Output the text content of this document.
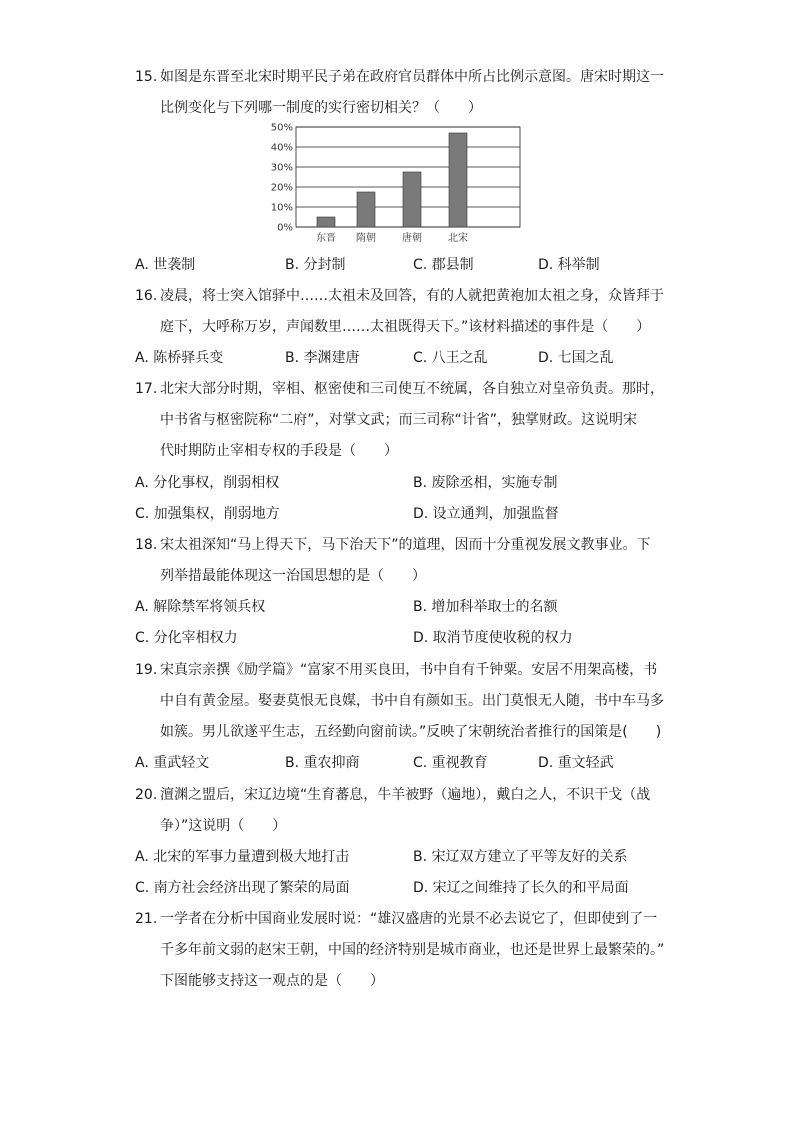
15. 如图是东晋至北宋时期平民子弟在政府官员群体中所占比例示意图。唐宋时期这一
比例变化与下列哪一制度的实行密切相关？（　　）
0%
10%
20%
30%
40%
50%
东晋 隋朝	唐朝	北宋
A. 世袭制	B. 分封制	C. 郡县制	D. 科举制
16. 凌晨，将士突入馆驿中……太祖未及回答，有的人就把黄袍加太祖之身，众皆拜于
庭下，大呼称万岁，声闻数里……太祖既得天下。”该材料描述的事件是（　　）
A. 陈桥驿兵变	B. 李渊建唐	C. 八王之乱	D. 七国之乱
17. 北宋大部分时期，宰相、枢密使和三司使互不统属，各自独立对皇帝负责。那时，
中书省与枢密院称“二府”，对掌文武；而三司称“计省”，独掌财政。这说明宋
代时期防止宰相专权的手段是（　　）
A. 分化事权，削弱相权	B. 废除丞相，实施专制
C. 加强集权，削弱地方	D. 设立通判，加强监督
18. 宋太祖深知“马上得天下，马下治天下”的道理，因而十分重视发展文教事业。下
列举措最能体现这一治国思想的是（　　）
A. 解除禁军将领兵权	B. 增加科举取士的名额
C. 分化宰相权力	D. 取消节度使收税的权力
19. 宋真宗亲撰《励学篇》“富家不用买良田，书中自有千钟粟。安居不用架高楼，书
中自有黄金屋。娶妻莫恨无良媒，书中自有颜如玉。出门莫恨无人随，书中车马多
如簇。男儿欲遂平生志，五经勤向窗前读。”反映了宋朝统治者推行的国策是(　　)
A. 重武轻文	B. 重农抑商	C. 重视教育	D. 重文轻武
20. 澶渊之盟后，宋辽边境“生育蕃息，牛羊被野（遍地），戴白之人，不识干戈（战
争）”这说明（　　）
A. 北宋的军事力量遭到极大地打击	B. 宋辽双方建立了平等友好的关系
C. 南方社会经济出现了繁荣的局面	D. 宋辽之间维持了长久的和平局面
21. 一学者在分析中国商业发展时说：“雄汉盛唐的光景不必去说它了，但即使到了一
千多年前文弱的赵宋王朝，中国的经济特别是城市商业，也还是世界上最繁荣的。”
下图能够支持这一观点的是（　　）
